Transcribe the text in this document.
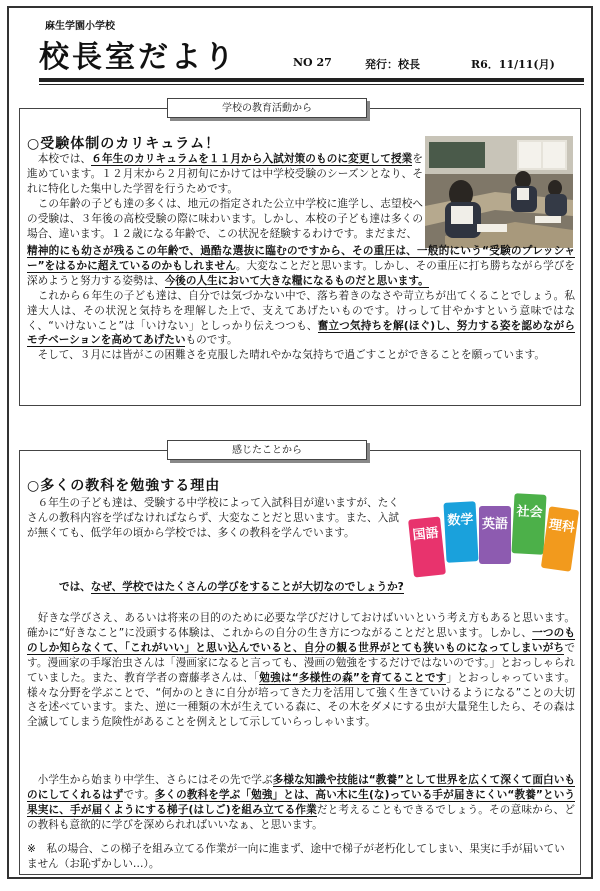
麻生学園小学校
校長室だより	NO 27	発行：校長	R6．11/11(月)
学校の教育活動から
○受験体制のカリキュラム！

　本校では、６年生のカリキュラムを１１月から入試対策のものに変更して授業を進めています。１２月末から２月初旬にかけては中学校受験のシーズンとなり、それに特化した集中した学習を行うためです。

　この年齢の子ども達の多くは、地元の指定された公立中学校に進学し、志望校への受験は、３年後の高校受験の際に味わいます。しかし、本校の子ども達は多くの場合、違います。１２歳になる年齢で、この状況を経験するわけです。まだまだ、

精神的にも幼さが残るこの年齢で、過酷な選抜に臨むのですから、その重圧は、一般的にいう“受験のプレッシャー”をはるかに超えているのかもしれません。大変なことだと思います。しかし、その重圧に打ち勝ちながら学びを深めようと努力する姿勢は、今後の人生において大きな糧になるものだと思います。

　これから６年生の子ども達は、自分では気づかない中で、落ち着きのなさや苛立ちが出てくることでしょう。私達大人は、その状況と気持ちを理解した上で、支えてあげたいものです。けっして甘やかすという意味ではなく、“いけないこと”は「いけない」としっかり伝えつつも、奮立つ気持ちを解(ほぐ)し、努力する姿を認めながらモチベーションを高めてあげたいものです。

　そして、３月には皆がこの困難さを克服した晴れやかな気持ちで過ごすことができることを願っています。

感じたことから
○多くの教科を勉強する理由

　６年生の子ども達は、受験する中学校によって入試科目が違いますが、たくさんの教科内容を学ばなければならず、大変なことだと思います。また、入試が無くても、低学年の頃から学校では、多くの教科を学んでいます。	国語
数学 英語
社会
理科
では、なぜ、学校ではたくさんの学びをすることが大切なのでしょうか?

　好きな学びさえ、あるいは将来の目的のために必要な学びだけしておけばいいという考え方もあると思います。確かに“好きなこと”に没頭する体験は、これからの自分の生き方につながることだと思います。しかし、一つのものしか知らなくて、「これがいい」と思い込んでいると、自分の観る世界がとても狭いものになってしまいがちです。漫画家の手塚治虫さんは「漫画家になると言っても、漫画の勉強をするだけではないのです。」とおっしゃられていました。また、教育学者の齋藤孝さんは、「勉強は“多様性の森”を育てることです」とおっしゃっています。様々な分野を学ぶことで、“何かのときに自分が培ってきた力を活用して強く生きていけるようになる”ことの大切さを述べています。また、逆に一種類の木が生えている森に、その木をダメにする虫が大量発生したら、その森は全滅してしまう危険性があることを例えとして示していらっしゃいます。

　小学生から始まり中学生、さらにはその先で学ぶ多様な知識や技能は“教養”として世界を広くて深くて面白いものにしてくれるはずです。多くの教科を学ぶ「勉強」とは、高い木に生(な)っている手が届きにくい“教養”という果実に、手が届くようにする梯子(はしご)を組み立てる作業だと考えることもできるでしょう。その意味から、どの教科も意欲的に学びを深められればいいなぁ、と思います。

※　私の場合、この梯子を組み立てる作業が一向に進まず、途中で梯子が老朽化してしまい、果実に手が届いていません（お恥ずかしい…）。
